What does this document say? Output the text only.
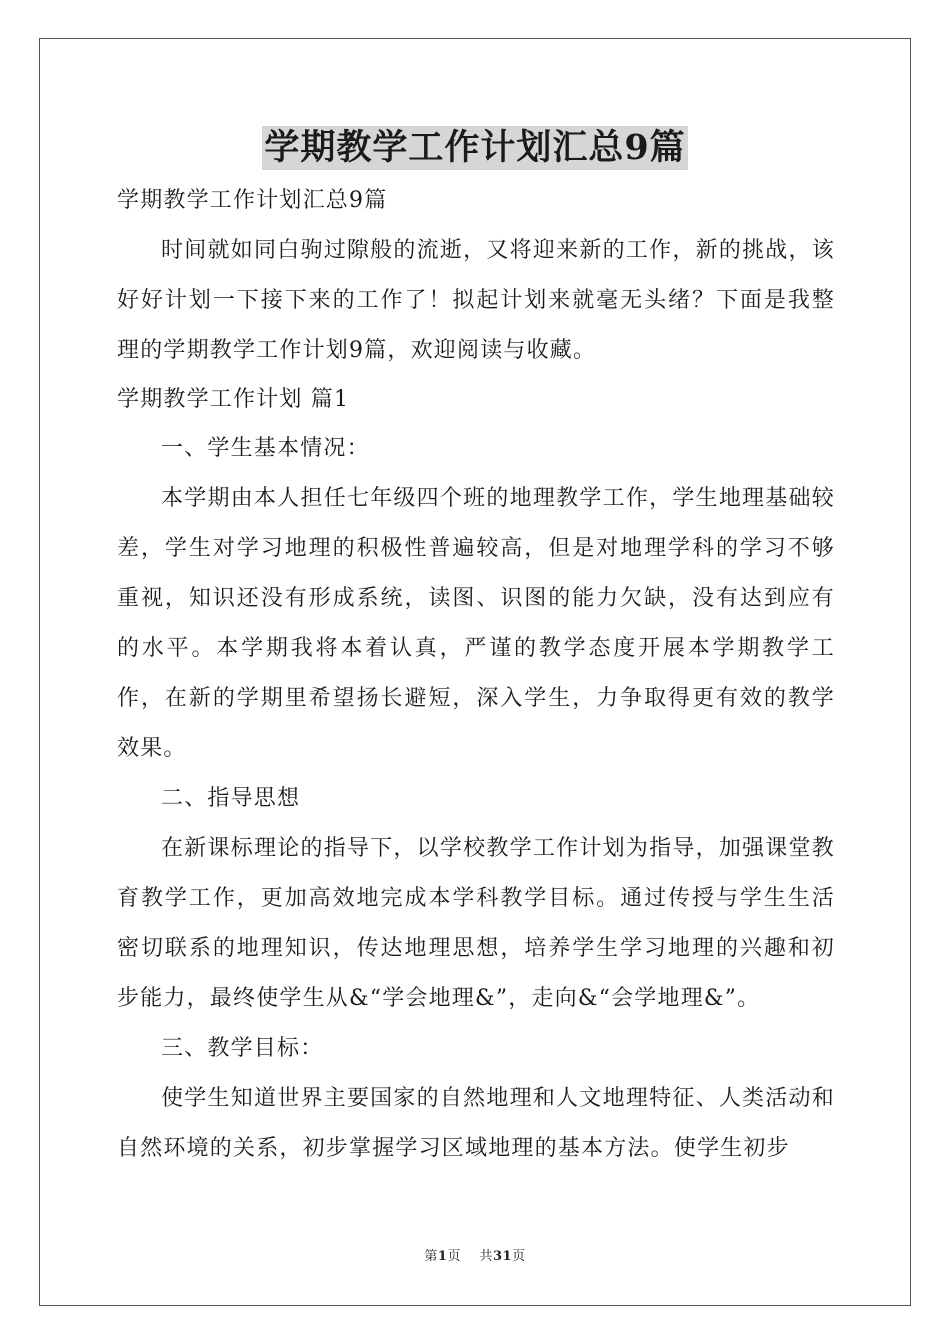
学期教学工作计划汇总9篇

学期教学工作计划汇总9篇

时间就如同白驹过隙般的流逝，又将迎来新的工作，新的挑战，该好好计划一下接下来的工作了！拟起计划来就毫无头绪？下面是我整理的学期教学工作计划9篇，欢迎阅读与收藏。

学期教学工作计划 篇1

一、学生基本情况：

本学期由本人担任七年级四个班的地理教学工作，学生地理基础较差，学生对学习地理的积极性普遍较高，但是对地理学科的学习不够重视，知识还没有形成系统，读图、识图的能力欠缺，没有达到应有的水平。本学期我将本着认真，严谨的教学态度开展本学期教学工作，在新的学期里希望扬长避短，深入学生，力争取得更有效的教学效果。

二、指导思想

在新课标理论的指导下，以学校教学工作计划为指导，加强课堂教育教学工作，更加高效地完成本学科教学目标。通过传授与学生生活密切联系的地理知识，传达地理思想，培养学生学习地理的兴趣和初步能力，最终使学生从&“学会地理&”，走向&“会学地理&”。

三、教学目标：

使学生知道世界主要国家的自然地理和人文地理特征、人类活动和自然环境的关系，初步掌握学习区域地理的基本方法。使学生初步

第1页 共31页
